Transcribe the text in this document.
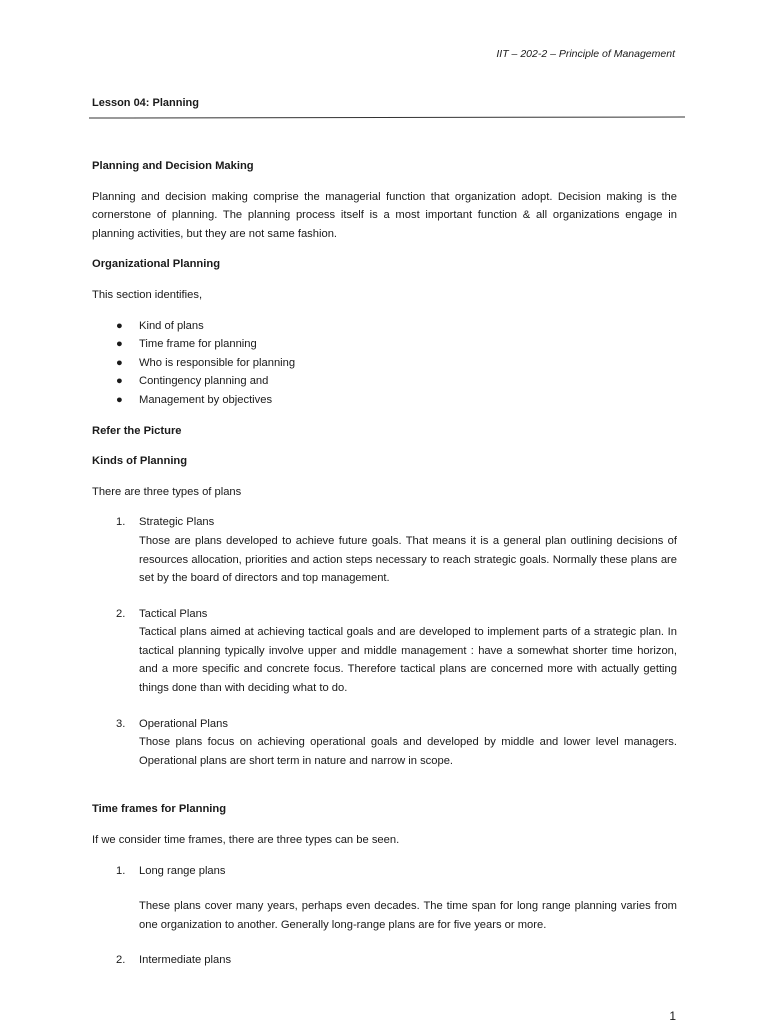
IIT – 202-2 – Principle of Management
Lesson 04: Planning
Planning and Decision Making

Planning and decision making comprise the managerial function that organization adopt. Decision making is the cornerstone of planning. The planning process itself is a most important function & all organizations engage in planning activities, but they are not same fashion.

Organizational Planning

This section identifies,

● Kind of plans
● Time frame for planning
● Who is responsible for planning
● Contingency planning and
● Management by objectives
Refer the Picture
Kinds of Planning

There are three types of plans

1. Strategic Plans
Those are plans developed to achieve future goals. That means it is a general plan outlining decisions of resources allocation, priorities and action steps necessary to reach strategic goals. Normally these plans are set by the board of directors and top management.
2. Tactical Plans
Tactical plans aimed at achieving tactical goals and are developed to implement parts of a strategic plan. In tactical planning typically involve upper and middle management : have a somewhat shorter time horizon, and a more specific and concrete focus. Therefore tactical plans are concerned more with actually getting things done than with deciding what to do.
3. Operational Plans
Those plans focus on achieving operational goals and developed by middle and lower level managers. Operational plans are short term in nature and narrow in scope.
Time frames for Planning

If we consider time frames, there are three types can be seen.

1. Long range plans
These plans cover many years, perhaps even decades. The time span for long range planning varies from one organization to another. Generally long-range plans are for five years or more.
2. Intermediate plans
1
